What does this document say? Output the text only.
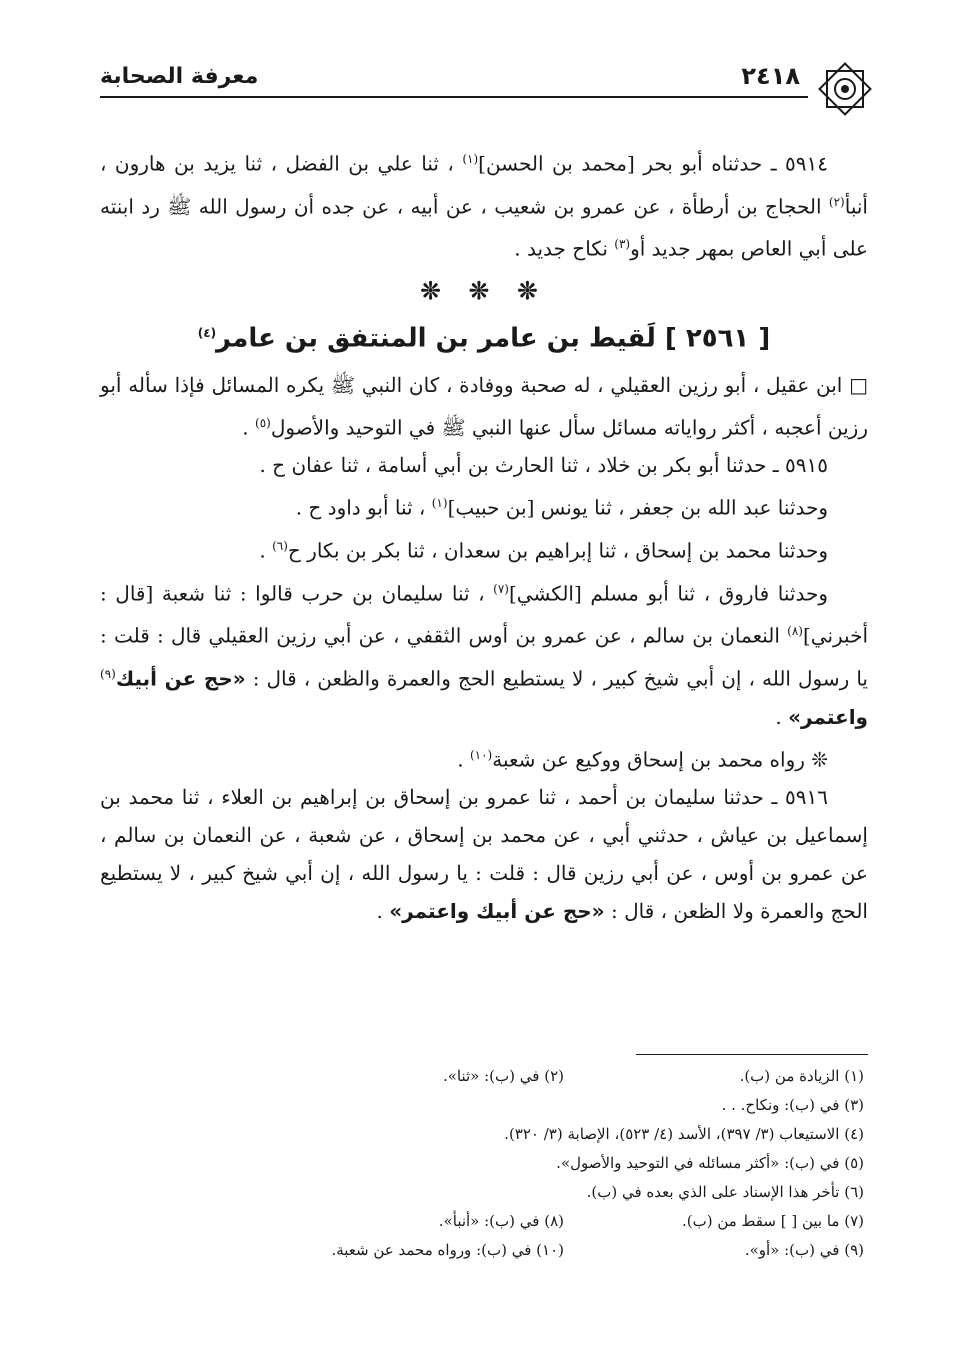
٢٤١٨
معرفة الصحابة

٥٩١٤ ـ حدثناه أبو بحر [محمد بن الحسن]$^{(١)}$ ، ثنا علي بن الفضل ، ثنا يزيد بن هارون ، أنبأ$^{(٢)}$ الحجاج بن أرطأة ، عن عمرو بن شعيب ، عن أبيه ، عن جده أن رسول الله ﷺ رد ابنته على أبي العاص بمهر جديد أو$^{(٣)}$ نكاح جديد .

❊ ❊ ❊

[ ٢٥٦١ ] لَقيط بن عامر بن المنتفق بن عامر$^{(٤)}$

□ ابن عقيل ، أبو رزين العقيلي ، له صحبة ووفادة ، كان النبي ﷺ يكره المسائل فإذا سأله أبو رزين أعجبه ، أكثر رواياته مسائل سأل عنها النبي ﷺ في التوحيد والأصول$^{(٥)}$ .

٥٩١٥ ـ حدثنا أبو بكر بن خلاد ، ثنا الحارث بن أبي أسامة ، ثنا عفان ح .

وحدثنا عبد الله بن جعفر ، ثنا يونس [بن حبيب]$^{(١)}$ ، ثنا أبو داود ح .

وحدثنا محمد بن إسحاق ، ثنا إبراهيم بن سعدان ، ثنا بكر بن بكار ح$^{(٦)}$ .

وحدثنا فاروق ، ثنا أبو مسلم [الكشي]$^{(٧)}$ ، ثنا سليمان بن حرب قالوا : ثنا شعبة [قال : أخبرني]$^{(٨)}$ النعمان بن سالم ، عن عمرو بن أوس الثقفي ، عن أبي رزين العقيلي قال : قلت : يا رسول الله ، إن أبي شيخ كبير ، لا يستطيع الحج والعمرة والظعن ، قال : «حج عن أبيك$^{(٩)}$ واعتمر» .

❊ رواه محمد بن إسحاق ووكيع عن شعبة$^{(١٠)}$ .

٥٩١٦ ـ حدثنا سليمان بن أحمد ، ثنا عمرو بن إسحاق بن إبراهيم بن العلاء ، ثنا محمد بن إسماعيل بن عياش ، حدثني أبي ، عن محمد بن إسحاق ، عن شعبة ، عن النعمان بن سالم ، عن عمرو بن أوس ، عن أبي رزين قال : قلت : يا رسول الله ، إن أبي شيخ كبير ، لا يستطيع الحج والعمرة ولا الظعن ، قال : «حج عن أبيك واعتمر» .

(١) الزيادة من (ب).
(٢) في (ب): «ثنا».
(٣) في (ب): ونكاح. . .
(٤) الاستيعاب (٣/ ٣٩٧)، الأسد (٤/ ٥٢٣)، الإصابة (٣/ ٣٢٠).
(٥) في (ب): «أكثر مسائله في التوحيد والأصول».
(٦) تأخر هذا الإسناد على الذي بعده في (ب).
(٧) ما بين [ ] سقط من (ب).
(٨) في (ب): «أنبأ».
(٩) في (ب): «أو».
(١٠) في (ب): ورواه محمد عن شعبة.
